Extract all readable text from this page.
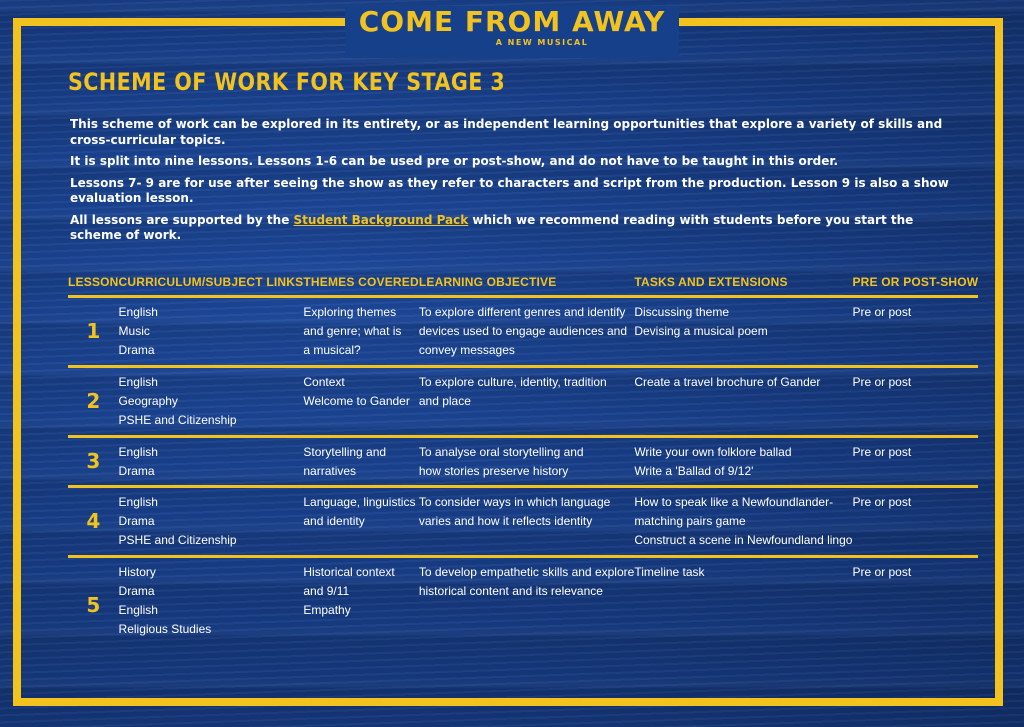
COME FROM AWAY
A NEW MUSICAL
SCHEME OF WORK FOR KEY STAGE 3

This scheme of work can be explored in its entirety, or as independent learning opportunities that explore a variety of skills and cross-curricular topics.

It is split into nine lessons. Lessons 1-6 can be used pre or post-show, and do not have to be taught in this order.

Lessons 7- 9 are for use after seeing the show as they refer to characters and script from the production. Lesson 9 is also a show evaluation lesson.

All lessons are supported by the Student Background Pack which we recommend reading with students before you start the scheme of work.

LESSON	CURRICULUM/SUBJECT LINKS	THEMES COVERED	LEARNING OBJECTIVE	TASKS AND EXTENSIONS	PRE OR POST-SHOW
1	English
Music
Drama	Exploring themes
and genre; what is
a musical?	To explore different genres and identify
devices used to engage audiences and
convey messages	Discussing theme
Devising a musical poem	Pre or post
2	English
Geography
PSHE and Citizenship	Context
Welcome to Gander	To explore culture, identity, tradition
and place	Create a travel brochure of Gander	Pre or post
3	English
Drama	Storytelling and
narratives	To analyse oral storytelling and
how stories preserve history	Write your own folklore ballad
Write a 'Ballad of 9/12'	Pre or post
4	English
Drama
PSHE and Citizenship	Language, linguistics
and identity	To consider ways in which language
varies and how it reflects identity	How to speak like a Newfoundlander-
matching pairs game
Construct a scene in Newfoundland lingo	Pre or post
5	History
Drama
English
Religious Studies	Historical context
and 9/11
Empathy	To develop empathetic skills and explore
historical content and its relevance	Timeline task	Pre or post
